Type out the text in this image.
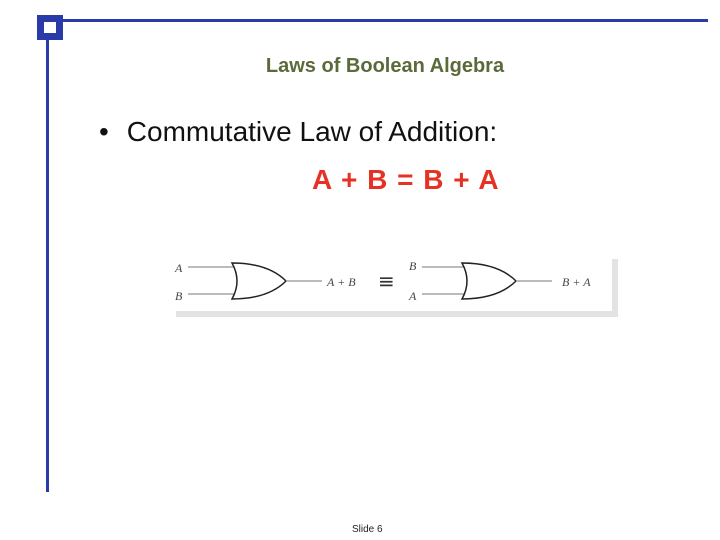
Laws of Boolean Algebra
• Commutative Law of Addition:
A + B = B + A
A
B
A + B ≡
B
A
B + A
Slide 6
